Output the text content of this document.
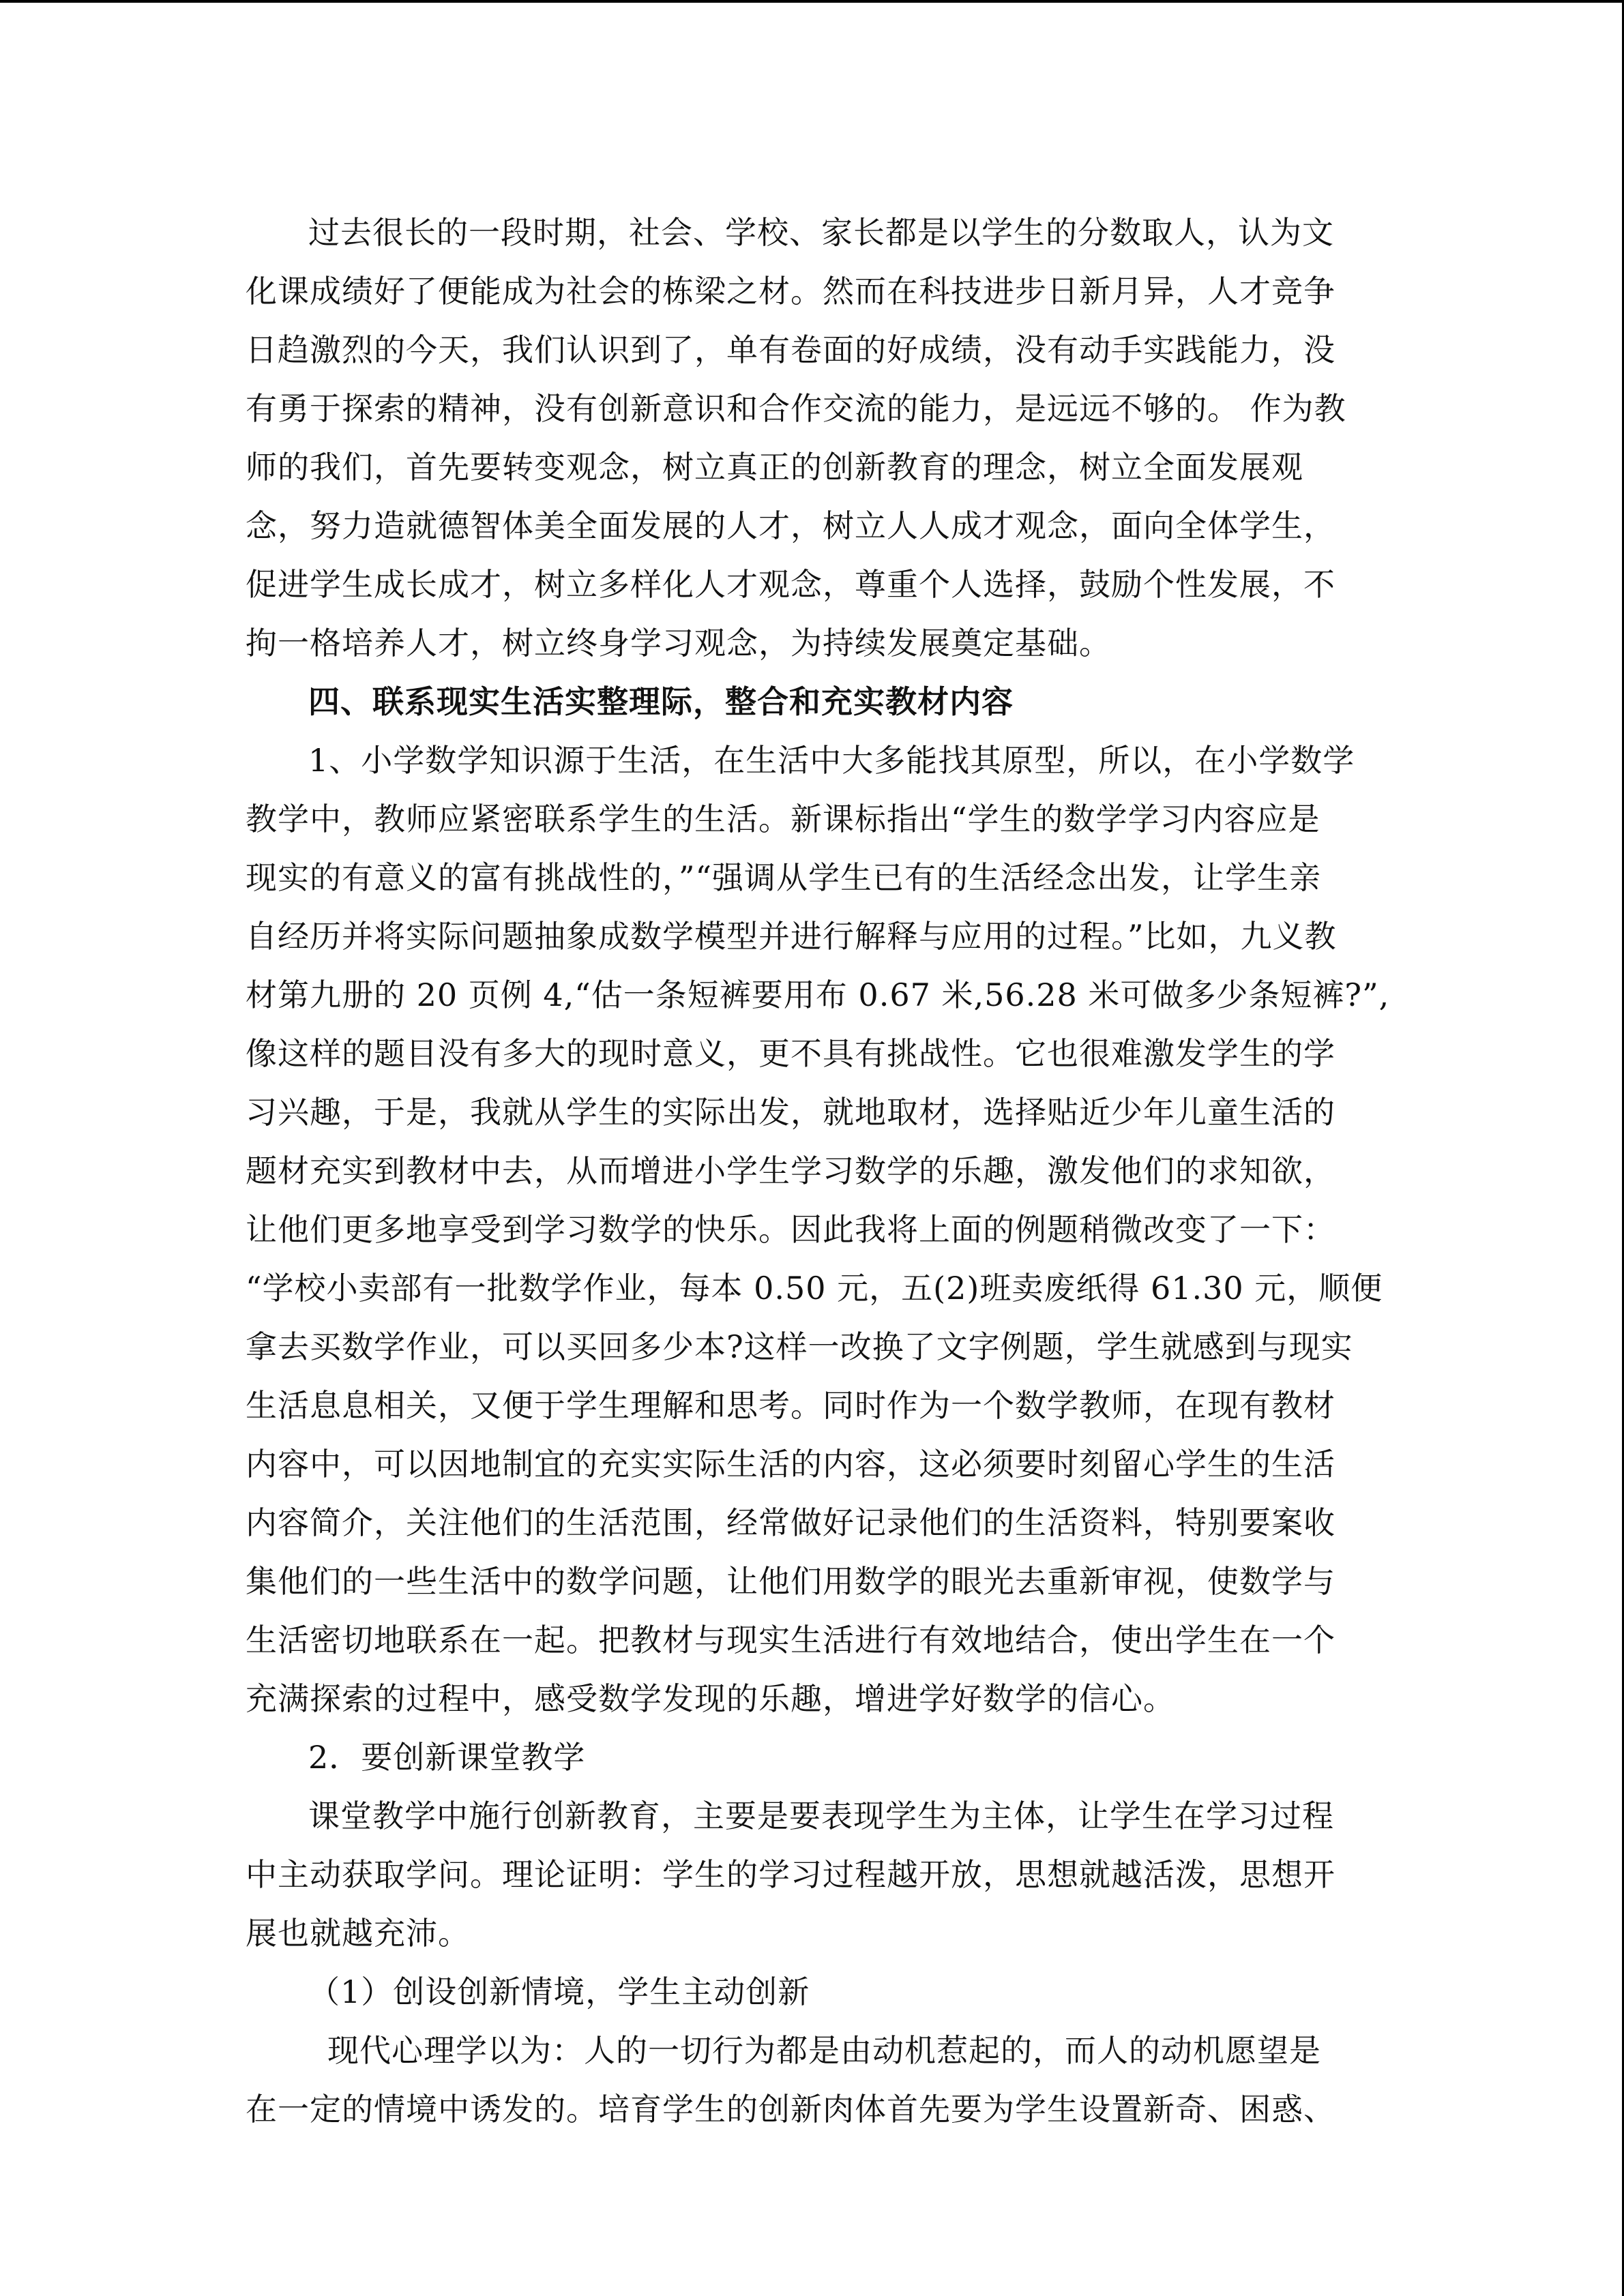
过去很长的一段时期，社会、学校、家长都是以学生的分数取人，认为文
化课成绩好了便能成为社会的栋梁之材。然而在科技进步日新月异，人才竞争
日趋激烈的今天，我们认识到了，单有卷面的好成绩，没有动手实践能力，没
有勇于探索的精神，没有创新意识和合作交流的能力，是远远不够的。 作为教
师的我们，首先要转变观念，树立真正的创新教育的理念，树立全面发展观
念，努力造就德智体美全面发展的人才，树立人人成才观念，面向全体学生，
促进学生成长成才，树立多样化人才观念，尊重个人选择，鼓励个性发展，不
拘一格培养人才，树立终身学习观念，为持续发展奠定基础。
四、联系现实生活实整理际，整合和充实教材内容
1、小学数学知识源于生活，在生活中大多能找其原型，所以，在小学数学
教学中，教师应紧密联系学生的生活。新课标指出“学生的数学学习内容应是
现实的有意义的富有挑战性的，”“强调从学生已有的生活经念出发，让学生亲
自经历并将实际问题抽象成数学模型并进行解释与应用的过程。”比如，九义教
材第九册的 20 页例 4,“估一条短裤要用布 0.67 米,56.28 米可做多少条短裤?”,
像这样的题目没有多大的现时意义，更不具有挑战性。它也很难激发学生的学
习兴趣，于是，我就从学生的实际出发，就地取材，选择贴近少年儿童生活的
题材充实到教材中去，从而增进小学生学习数学的乐趣，激发他们的求知欲，
让他们更多地享受到学习数学的快乐。因此我将上面的例题稍微改变了一下：
“学校小卖部有一批数学作业，每本 0.50 元，五(2)班卖废纸得 61.30 元，顺便
拿去买数学作业，可以买回多少本?这样一改换了文字例题，学生就感到与现实
生活息息相关，又便于学生理解和思考。同时作为一个数学教师，在现有教材
内容中，可以因地制宜的充实实际生活的内容，这必须要时刻留心学生的生活
内容简介，关注他们的生活范围，经常做好记录他们的生活资料，特别要案收
集他们的一些生活中的数学问题，让他们用数学的眼光去重新审视，使数学与
生活密切地联系在一起。把教材与现实生活进行有效地结合，使出学生在一个
充满探索的过程中，感受数学发现的乐趣，增进学好数学的信心。
2．要创新课堂教学
课堂教学中施行创新教育，主要是要表现学生为主体，让学生在学习过程
中主动获取学问。理论证明：学生的学习过程越开放，思想就越活泼，思想开
展也就越充沛。
（1）创设创新情境，学生主动创新
现代心理学以为：人的一切行为都是由动机惹起的，而人的动机愿望是
在一定的情境中诱发的。培育学生的创新肉体首先要为学生设置新奇、困惑、
